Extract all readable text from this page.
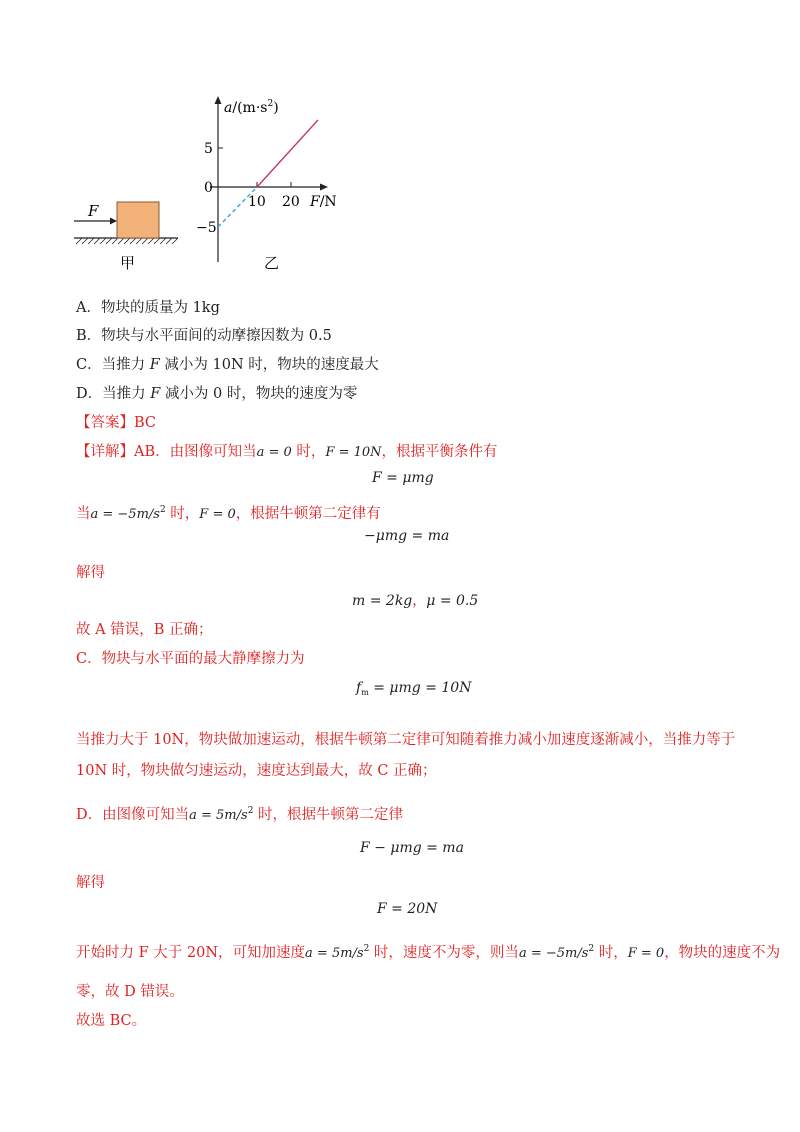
F
甲
$a/(m\cdot s^2)$
5
0
−5
10 20 F/N
乙
A．物块的质量为 1kg
B．物块与水平面间的动摩擦因数为 0.5
C．当推力 F 减小为 10N 时，物块的速度最大
D．当推力 F 减小为 0 时，物块的速度为零
【答案】BC
【详解】AB．由图像可知当a = 0 时，F = 10N，根据平衡条件有
F = μmg
当$a = -5m/s^2$ 时，F = 0，根据牛顿第二定律有
−μmg = ma
解得
m = 2kg，μ = 0.5
故 A 错误，B 正确；
C．物块与水平面的最大静摩擦力为
$f_m = \mu mg = 10N$
当推力大于 10N，物块做加速运动，根据牛顿第二定律可知随着推力减小加速度逐渐减小，当推力等于
10N 时，物块做匀速运动，速度达到最大，故 C 正确；
D．由图像可知当$a = 5m/s^2$ 时，根据牛顿第二定律
F − μmg = ma
解得
F = 20N
开始时力 F 大于 20N，可知加速度$a = 5m/s^2$ 时，速度不为零，则当$a = -5m/s^2$ 时，F = 0，物块的速度不为
零，故 D 错误。
故选 BC。
